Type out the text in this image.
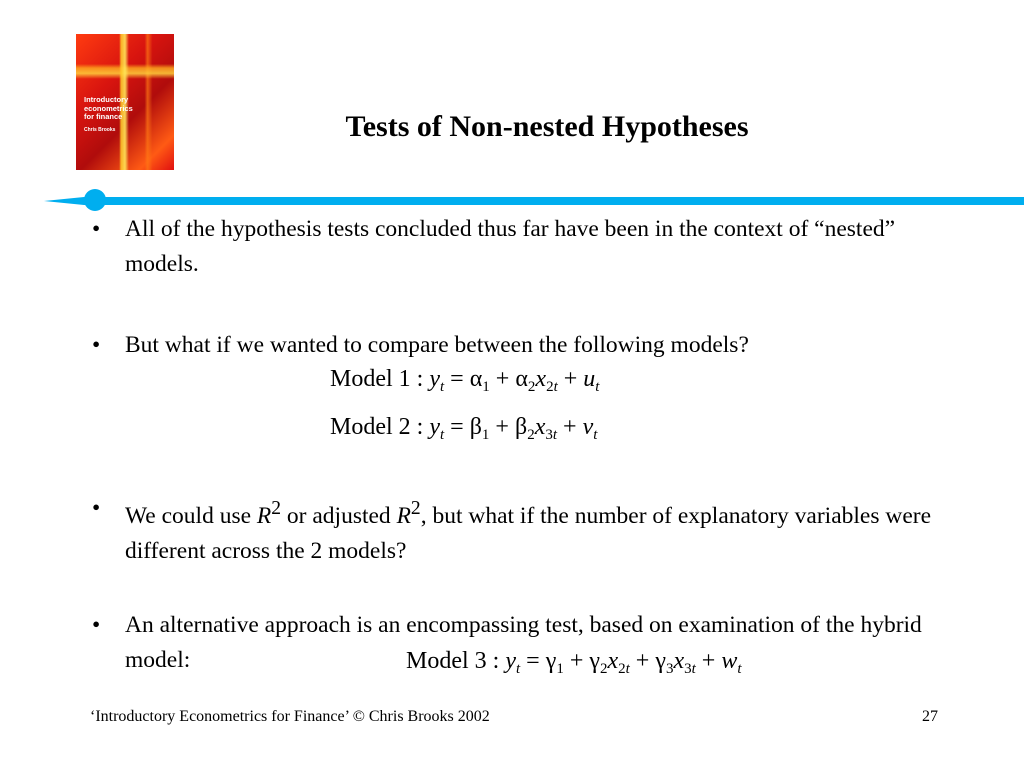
Introductory
econometrics
for finance
Chris Brooks	Tests of Non-nested Hypotheses
• All of the hypothesis tests concluded thus far have been in the context of “nested” models.
• But what if we wanted to compare between the following models?
• We could use $R^2$ or adjusted $R^2$, but what if the number of explanatory variables were different across the 2 models?
• An alternative approach is an encompassing test, based on examination of the hybrid model:
Model 1 : $y_t = \alpha_1 + \alpha_2x_{2t} + u_t$
Model 2 : $y_t = \beta_1 + \beta_2x_{3t} + v_t$
Model 3 : $y_t = \gamma_1 + \gamma_2x_{2t} + \gamma_3x_{3t} + w_t$
‘Introductory Econometrics for Finance’ © Chris Brooks 2002	27
